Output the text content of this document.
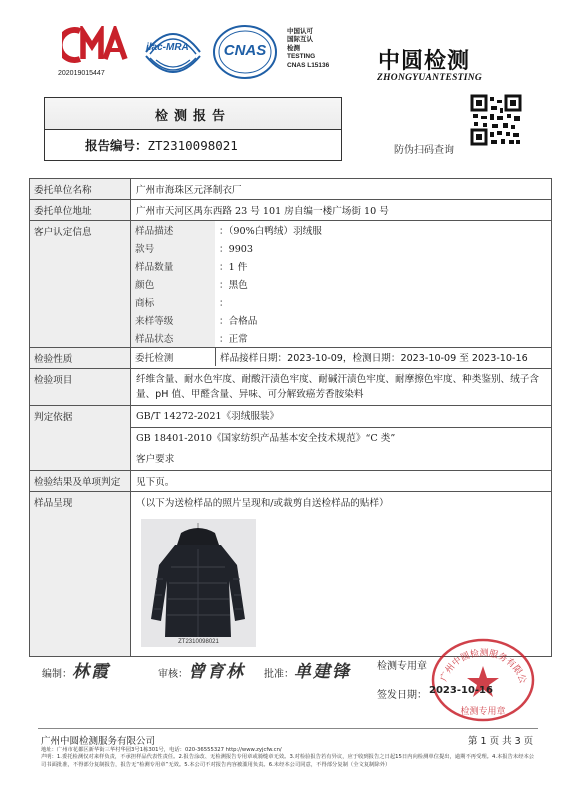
202019015447
ilac-MRA	CNAS
中国认可
国际互认
检测
TESTING
CNAS L15136 中圆检测
ZHONGYUANTESTING
检测报告
报告编号：ZT2310098021	防伪扫码查询
委托单位名称	广州市海珠区元泽制衣厂
委托单位地址	广州市天河区禺东西路 23 号 101 房自编一楼广场街 10 号
客户认定信息		样品描述	：（90%白鸭绒）羽绒服
款号	：9903
样品数量	：1 件
颜色	：黑色
商标	：
来样等级	：合格品
样品状态	：正常

检验性质		委托检测	样品接样日期：2023-10-09，检测日期：2023-10-09 至 2023-10-16

检验项目	纤维含量、耐水色牢度、耐酸汗渍色牢度、耐碱汗渍色牢度、耐摩擦色牢度、种类鉴别、绒子含量、pH 值、甲醛含量、异味、可分解致癌芳香胺染料
判定依据	GB/T 14272-2021《羽绒服装》
GB 18401-2010《国家纺织产品基本安全技术规范》“C 类”
客户要求

检验结果及单项判定	见下页。
样品呈现	（以下为送检样品的照片呈现和/或裁剪自送检样品的贴样）
ZT2310098021
编制：林霞	审核：曾育林 批准：单建锋	检测专用章
广州中圆检测服务有限公
检测专用章
签发日期： 2023-10-16
广州中圆检测服务有限公司	第 1 页 共 3 页
地址：广州市花都区新华街三华村华园3号1栋301号，电话：020-36555327 http://www.zyjcfw.cn/
声明：1.委托检测仅对来样负责，不承担样品代表性责任。2.报告涂改、无检测报告专用章或骑缝章无效。3.对检验报告若有异议，应于收到报告之日起15日内向检测单位提出，逾期不再受理。4.本报告未经本公司书面批准，不得部分复制报告，报告无“检测专用章”无效。5.本公司不对报告内容被滥用负责。6.未经本公司同意，不得部分复制（全文复制除外）
